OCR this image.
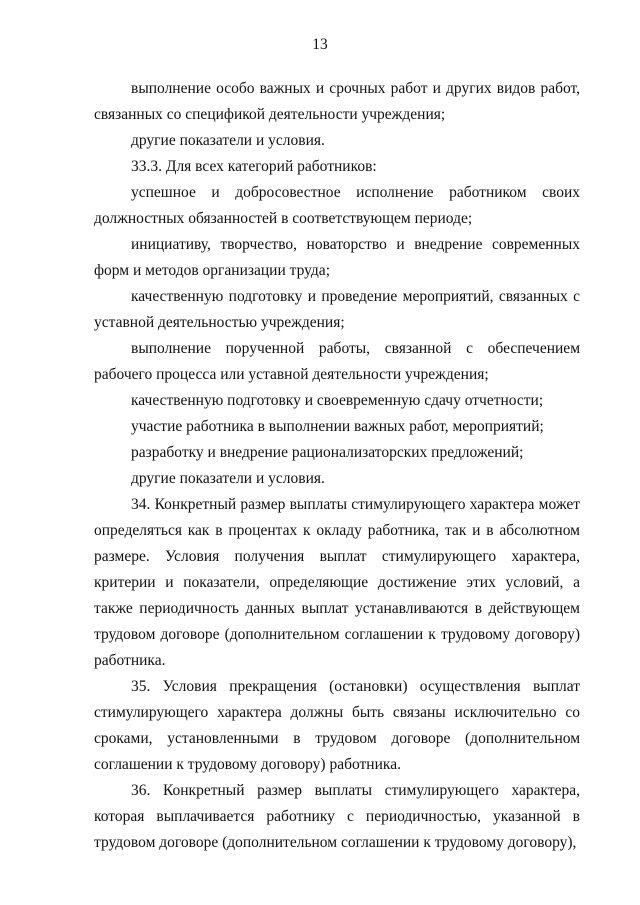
13

выполнение особо важных и срочных работ и других видов работ, связанных со спецификой деятельности учреждения;

другие показатели и условия.

33.3. Для всех категорий работников:

успешное и добросовестное исполнение работником своих должностных обязанностей в соответствующем периоде;

инициативу, творчество, новаторство и внедрение современных форм и методов организации труда;

качественную подготовку и проведение мероприятий, связанных с уставной деятельностью учреждения;

выполнение порученной работы, связанной с обеспечением рабочего процесса или уставной деятельности учреждения;

качественную подготовку и своевременную сдачу отчетности;

участие работника в выполнении важных работ, мероприятий;

разработку и внедрение рационализаторских предложений;

другие показатели и условия.

34. Конкретный размер выплаты стимулирующего характера может определяться как в процентах к окладу работника, так и в абсолютном размере. Условия получения выплат стимулирующего характера, критерии и показатели, определяющие достижение этих условий, а также периодичность данных выплат устанавливаются в действующем трудовом договоре (дополнительном соглашении к трудовому договору) работника.

35. Условия прекращения (остановки) осуществления выплат стимулирующего характера должны быть связаны исключительно со сроками, установленными в трудовом договоре (дополнительном соглашении к трудовому договору) работника.

36. Конкретный размер выплаты стимулирующего характера, которая выплачивается работнику с периодичностью, указанной в трудовом договоре (дополнительном соглашении к трудовому договору),
